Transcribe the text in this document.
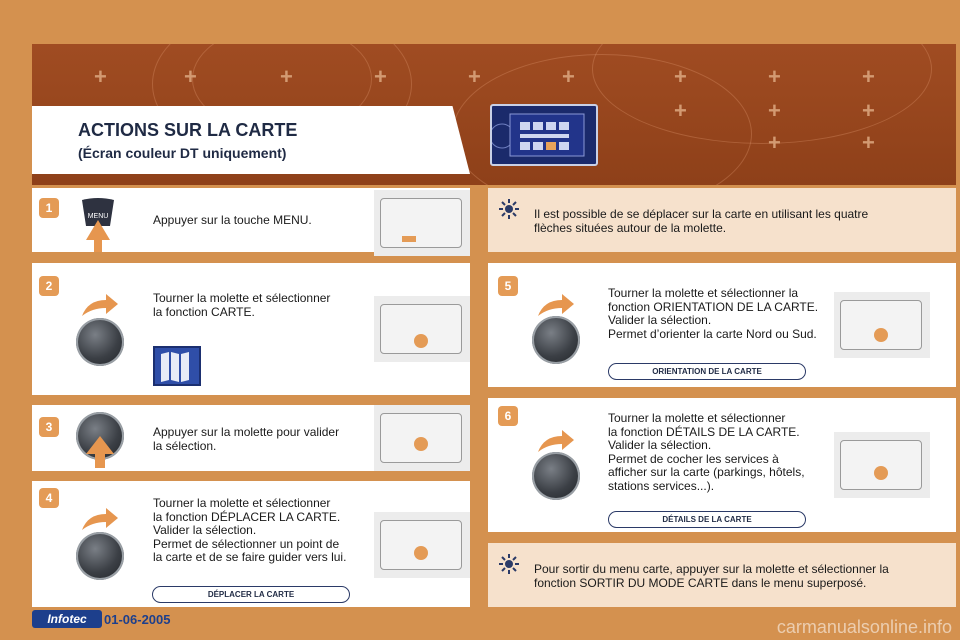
+	+	+	+	+	+	+	+	+
+	+	+
+	+
ACTIONS SUR LA CARTE
(Écran couleur DT uniquement)
1
MENU	Appuyer sur la touche MENU.
2
Tourner la molette et sélectionner
la fonction CARTE.
3	Appuyer sur la molette pour valider
la sélection.
4	Tourner la molette et sélectionner
la fonction DÉPLACER LA CARTE.
Valider la sélection.
Permet de sélectionner un point de
la carte et de se faire guider vers lui.
DÉPLACER LA CARTE
Il est possible de se déplacer sur la carte en utilisant les quatre
flèches situées autour de la molette.
5	Tourner la molette et sélectionner la
fonction ORIENTATION DE LA CARTE.
Valider la sélection.
Permet d’orienter la carte Nord ou Sud.
ORIENTATION DE LA CARTE
6	Tourner la molette et sélectionner
la fonction DÉTAILS DE LA CARTE.
Valider la sélection.
Permet de cocher les services à
afficher sur la carte (parkings, hôtels,
stations services...).
DÉTAILS DE LA CARTE
Pour sortir du menu carte, appuyer sur la molette et sélectionner la
fonction SORTIR DU MODE CARTE dans le menu superposé.
Infotec	01-06-2005	carmanualsonline.info
